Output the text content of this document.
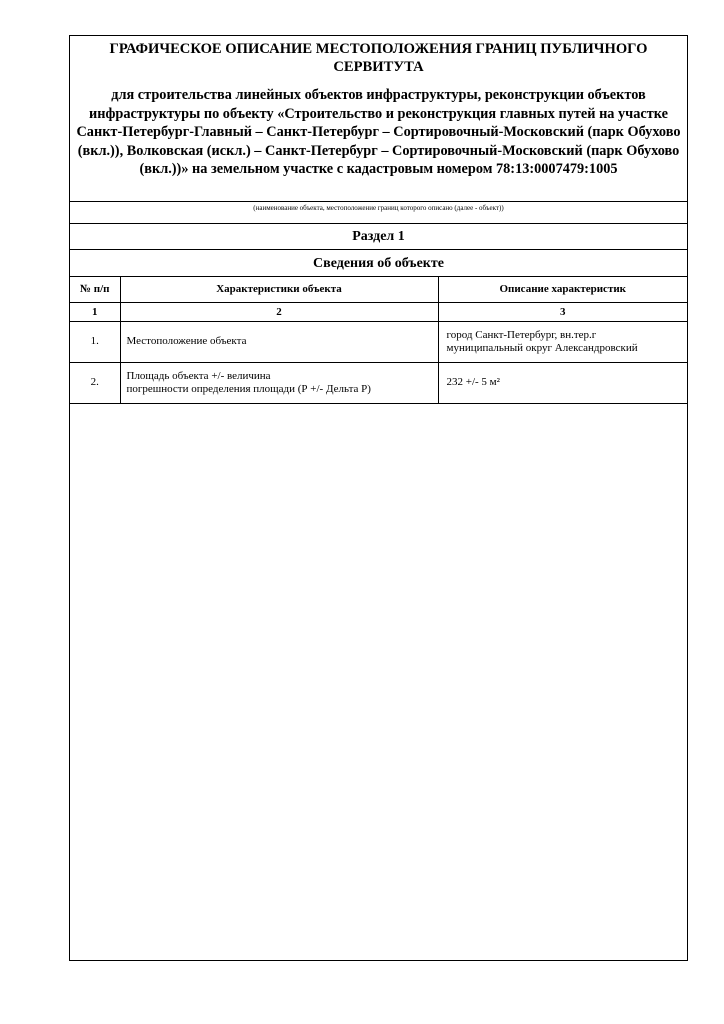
ГРАФИЧЕСКОЕ ОПИСАНИЕ МЕСТОПОЛОЖЕНИЯ ГРАНИЦ ПУБЛИЧНОГО СЕРВИТУТА
для строительства линейных объектов инфраструктуры, реконструкции объектов инфраструктуры по объекту «Строительство и реконструкция главных путей на участке Санкт-Петербург-Главный – Санкт-Петербург – Сортировочный-Московский (парк Обухово (вкл.)), Волковская (искл.) – Санкт-Петербург – Сортировочный-Московский (парк Обухово (вкл.))» на земельном участке с кадастровым номером 78:13:0007479:1005
(наименование объекта, местоположение границ которого описано (далее - объект))
Раздел 1
Сведения об объекте
№ п/п	Характеристики объекта	Описание характеристик
1	2	3
1.	Местоположение объекта	город Санкт-Петербург, вн.тер.г
муниципальный округ Александровский

2.	Площадь объекта +/- величина
погрешности определения площади (Р +/- Дельта Р)	232 +/- 5 м²
